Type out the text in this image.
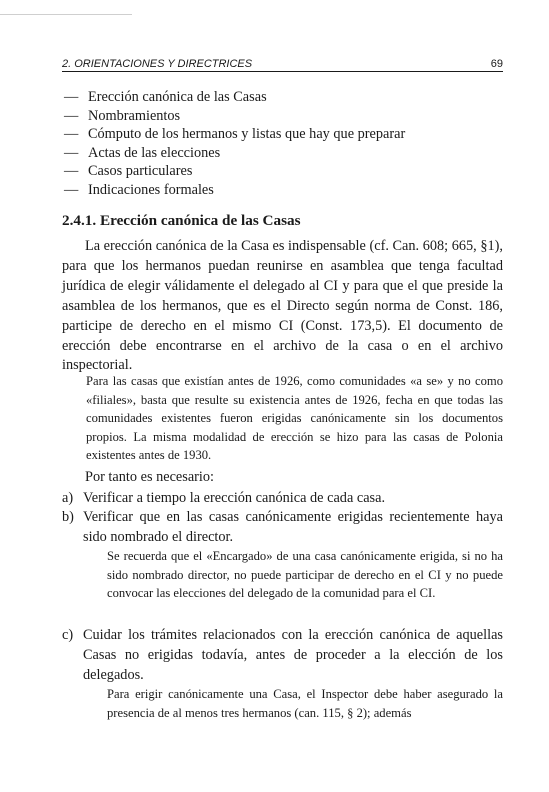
2. ORIENTACIONES Y DIRECTRICES	69
— Erección canónica de las Casas
— Nombramientos
— Cómputo de los hermanos y listas que hay que preparar
— Actas de las elecciones
— Casos particulares
— Indicaciones formales
2.4.1. Erección canónica de las Casas
La erección canónica de la Casa es indispensable (cf. Can. 608; 665, §1), para que los hermanos puedan reunirse en asamblea que tenga facultad jurídica de elegir válidamente el delegado al CI y para que el que preside la asamblea de los hermanos, que es el Directo según norma de Const. 186, participe de derecho en el mismo CI (Const. 173,5). El documento de erección debe encontrarse en el archivo de la casa o en el archivo inspectorial.
Para las casas que existían antes de 1926, como comunidades «a se» y no como «filiales», basta que resulte su existencia antes de 1926, fecha en que todas las comunidades existentes fueron erigidas canónicamente sin los documentos propios. La misma modalidad de erección se hizo para las casas de Polonia existentes antes de 1930.
Por tanto es necesario:
a) Verificar a tiempo la erección canónica de cada casa.
b) Verificar que en las casas canónicamente erigidas recientemente haya sido nombrado el director.
Se recuerda que el «Encargado» de una casa canónicamente erigida, si no ha sido nombrado director, no puede participar de derecho en el CI y no puede convocar las elecciones del delegado de la comunidad para el CI.
c) Cuidar los trámites relacionados con la erección canónica de aquellas Casas no erigidas todavía, antes de proceder a la elección de los delegados.
Para erigir canónicamente una Casa, el Inspector debe haber asegurado la presencia de al menos tres hermanos (can. 115, § 2); además
